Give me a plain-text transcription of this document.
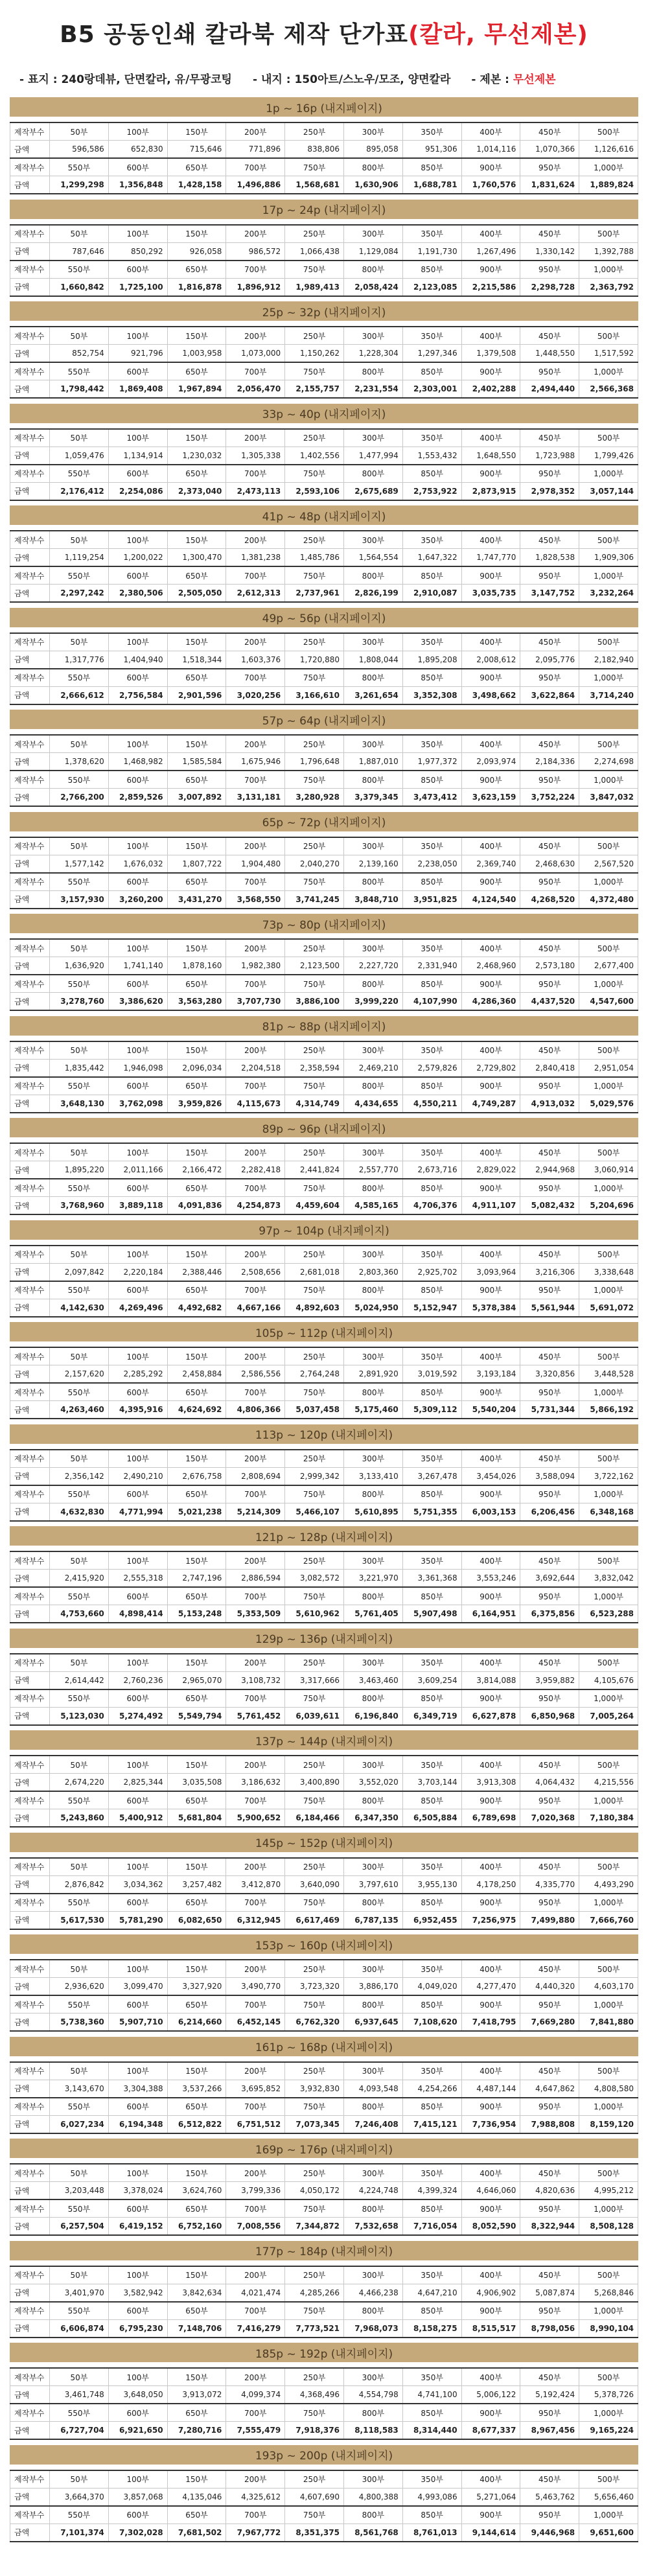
B5 공동인쇄 칼라북 제작 단가표 (칼라, 무선제본)
- 표지 : 240랑데뷰, 단면칼라, 유/무광코팅 - 내지 : 150아트/스노우/모조, 양면칼라 - 제본 : 무선제본
1p ~ 16p (내지페이지)
제작부수	50부	100부	150부	200부	250부	300부	350부	400부	450부	500부
금액	596,586	652,830	715,646	771,896	838,806	895,058	951,306	1,014,116	1,070,366	1,126,616
제작부수	550부	600부	650부	700부	750부	800부	850부	900부	950부	1,000부
금액	1,299,298	1,356,848	1,428,158	1,496,886	1,568,681	1,630,906	1,688,781	1,760,576	1,831,624	1,889,824
17p ~ 24p (내지페이지)
제작부수	50부	100부	150부	200부	250부	300부	350부	400부	450부	500부
금액	787,646	850,292	926,058	986,572	1,066,438	1,129,084	1,191,730	1,267,496	1,330,142	1,392,788
제작부수	550부	600부	650부	700부	750부	800부	850부	900부	950부	1,000부
금액	1,660,842	1,725,100	1,816,878	1,896,912	1,989,413	2,058,424	2,123,085	2,215,586	2,298,728	2,363,792
25p ~ 32p (내지페이지)
제작부수	50부	100부	150부	200부	250부	300부	350부	400부	450부	500부
금액	852,754	921,796	1,003,958	1,073,000	1,150,262	1,228,304	1,297,346	1,379,508	1,448,550	1,517,592
제작부수	550부	600부	650부	700부	750부	800부	850부	900부	950부	1,000부
금액	1,798,442	1,869,408	1,967,894	2,056,470	2,155,757	2,231,554	2,303,001	2,402,288	2,494,440	2,566,368
33p ~ 40p (내지페이지)
제작부수	50부	100부	150부	200부	250부	300부	350부	400부	450부	500부
금액	1,059,476	1,134,914	1,230,032	1,305,338	1,402,556	1,477,994	1,553,432	1,648,550	1,723,988	1,799,426
제작부수	550부	600부	650부	700부	750부	800부	850부	900부	950부	1,000부
금액	2,176,412	2,254,086	2,373,040	2,473,113	2,593,106	2,675,689	2,753,922	2,873,915	2,978,352	3,057,144
41p ~ 48p (내지페이지)
제작부수	50부	100부	150부	200부	250부	300부	350부	400부	450부	500부
금액	1,119,254	1,200,022	1,300,470	1,381,238	1,485,786	1,564,554	1,647,322	1,747,770	1,828,538	1,909,306
제작부수	550부	600부	650부	700부	750부	800부	850부	900부	950부	1,000부
금액	2,297,242	2,380,506	2,505,050	2,612,313	2,737,961	2,826,199	2,910,087	3,035,735	3,147,752	3,232,264
49p ~ 56p (내지페이지)
제작부수	50부	100부	150부	200부	250부	300부	350부	400부	450부	500부
금액	1,317,776	1,404,940	1,518,344	1,603,376	1,720,880	1,808,044	1,895,208	2,008,612	2,095,776	2,182,940
제작부수	550부	600부	650부	700부	750부	800부	850부	900부	950부	1,000부
금액	2,666,612	2,756,584	2,901,596	3,020,256	3,166,610	3,261,654	3,352,308	3,498,662	3,622,864	3,714,240
57p ~ 64p (내지페이지)
제작부수	50부	100부	150부	200부	250부	300부	350부	400부	450부	500부
금액	1,378,620	1,468,982	1,585,584	1,675,946	1,796,648	1,887,010	1,977,372	2,093,974	2,184,336	2,274,698
제작부수	550부	600부	650부	700부	750부	800부	850부	900부	950부	1,000부
금액	2,766,200	2,859,526	3,007,892	3,131,181	3,280,928	3,379,345	3,473,412	3,623,159	3,752,224	3,847,032
65p ~ 72p (내지페이지)
제작부수	50부	100부	150부	200부	250부	300부	350부	400부	450부	500부
금액	1,577,142	1,676,032	1,807,722	1,904,480	2,040,270	2,139,160	2,238,050	2,369,740	2,468,630	2,567,520
제작부수	550부	600부	650부	700부	750부	800부	850부	900부	950부	1,000부
금액	3,157,930	3,260,200	3,431,270	3,568,550	3,741,245	3,848,710	3,951,825	4,124,540	4,268,520	4,372,480
73p ~ 80p (내지페이지)
제작부수	50부	100부	150부	200부	250부	300부	350부	400부	450부	500부
금액	1,636,920	1,741,140	1,878,160	1,982,380	2,123,500	2,227,720	2,331,940	2,468,960	2,573,180	2,677,400
제작부수	550부	600부	650부	700부	750부	800부	850부	900부	950부	1,000부
금액	3,278,760	3,386,620	3,563,280	3,707,730	3,886,100	3,999,220	4,107,990	4,286,360	4,437,520	4,547,600
81p ~ 88p (내지페이지)
제작부수	50부	100부	150부	200부	250부	300부	350부	400부	450부	500부
금액	1,835,442	1,946,098	2,096,034	2,204,518	2,358,594	2,469,210	2,579,826	2,729,802	2,840,418	2,951,054
제작부수	550부	600부	650부	700부	750부	800부	850부	900부	950부	1,000부
금액	3,648,130	3,762,098	3,959,826	4,115,673	4,314,749	4,434,655	4,550,211	4,749,287	4,913,032	5,029,576
89p ~ 96p (내지페이지)
제작부수	50부	100부	150부	200부	250부	300부	350부	400부	450부	500부
금액	1,895,220	2,011,166	2,166,472	2,282,418	2,441,824	2,557,770	2,673,716	2,829,022	2,944,968	3,060,914
제작부수	550부	600부	650부	700부	750부	800부	850부	900부	950부	1,000부
금액	3,768,960	3,889,118	4,091,836	4,254,873	4,459,604	4,585,165	4,706,376	4,911,107	5,082,432	5,204,696
97p ~ 104p (내지페이지)
제작부수	50부	100부	150부	200부	250부	300부	350부	400부	450부	500부
금액	2,097,842	2,220,184	2,388,446	2,508,656	2,681,018	2,803,360	2,925,702	3,093,964	3,216,306	3,338,648
제작부수	550부	600부	650부	700부	750부	800부	850부	900부	950부	1,000부
금액	4,142,630	4,269,496	4,492,682	4,667,166	4,892,603	5,024,950	5,152,947	5,378,384	5,561,944	5,691,072
105p ~ 112p (내지페이지)
제작부수	50부	100부	150부	200부	250부	300부	350부	400부	450부	500부
금액	2,157,620	2,285,292	2,458,884	2,586,556	2,764,248	2,891,920	3,019,592	3,193,184	3,320,856	3,448,528
제작부수	550부	600부	650부	700부	750부	800부	850부	900부	950부	1,000부
금액	4,263,460	4,395,916	4,624,692	4,806,366	5,037,458	5,175,460	5,309,112	5,540,204	5,731,344	5,866,192
113p ~ 120p (내지페이지)
제작부수	50부	100부	150부	200부	250부	300부	350부	400부	450부	500부
금액	2,356,142	2,490,210	2,676,758	2,808,694	2,999,342	3,133,410	3,267,478	3,454,026	3,588,094	3,722,162
제작부수	550부	600부	650부	700부	750부	800부	850부	900부	950부	1,000부
금액	4,632,830	4,771,994	5,021,238	5,214,309	5,466,107	5,610,895	5,751,355	6,003,153	6,206,456	6,348,168
121p ~ 128p (내지페이지)
제작부수	50부	100부	150부	200부	250부	300부	350부	400부	450부	500부
금액	2,415,920	2,555,318	2,747,196	2,886,594	3,082,572	3,221,970	3,361,368	3,553,246	3,692,644	3,832,042
제작부수	550부	600부	650부	700부	750부	800부	850부	900부	950부	1,000부
금액	4,753,660	4,898,414	5,153,248	5,353,509	5,610,962	5,761,405	5,907,498	6,164,951	6,375,856	6,523,288
129p ~ 136p (내지페이지)
제작부수	50부	100부	150부	200부	250부	300부	350부	400부	450부	500부
금액	2,614,442	2,760,236	2,965,070	3,108,732	3,317,666	3,463,460	3,609,254	3,814,088	3,959,882	4,105,676
제작부수	550부	600부	650부	700부	750부	800부	850부	900부	950부	1,000부
금액	5,123,030	5,274,492	5,549,794	5,761,452	6,039,611	6,196,840	6,349,719	6,627,878	6,850,968	7,005,264
137p ~ 144p (내지페이지)
제작부수	50부	100부	150부	200부	250부	300부	350부	400부	450부	500부
금액	2,674,220	2,825,344	3,035,508	3,186,632	3,400,890	3,552,020	3,703,144	3,913,308	4,064,432	4,215,556
제작부수	550부	600부	650부	700부	750부	800부	850부	900부	950부	1,000부
금액	5,243,860	5,400,912	5,681,804	5,900,652	6,184,466	6,347,350	6,505,884	6,789,698	7,020,368	7,180,384
145p ~ 152p (내지페이지)
제작부수	50부	100부	150부	200부	250부	300부	350부	400부	450부	500부
금액	2,876,842	3,034,362	3,257,482	3,412,870	3,640,090	3,797,610	3,955,130	4,178,250	4,335,770	4,493,290
제작부수	550부	600부	650부	700부	750부	800부	850부	900부	950부	1,000부
금액	5,617,530	5,781,290	6,082,650	6,312,945	6,617,469	6,787,135	6,952,455	7,256,975	7,499,880	7,666,760
153p ~ 160p (내지페이지)
제작부수	50부	100부	150부	200부	250부	300부	350부	400부	450부	500부
금액	2,936,620	3,099,470	3,327,920	3,490,770	3,723,320	3,886,170	4,049,020	4,277,470	4,440,320	4,603,170
제작부수	550부	600부	650부	700부	750부	800부	850부	900부	950부	1,000부
금액	5,738,360	5,907,710	6,214,660	6,452,145	6,762,320	6,937,645	7,108,620	7,418,795	7,669,280	7,841,880
161p ~ 168p (내지페이지)
제작부수	50부	100부	150부	200부	250부	300부	350부	400부	450부	500부
금액	3,143,670	3,304,388	3,537,266	3,695,852	3,932,830	4,093,548	4,254,266	4,487,144	4,647,862	4,808,580
제작부수	550부	600부	650부	700부	750부	800부	850부	900부	950부	1,000부
금액	6,027,234	6,194,348	6,512,822	6,751,512	7,073,345	7,246,408	7,415,121	7,736,954	7,988,808	8,159,120
169p ~ 176p (내지페이지)
제작부수	50부	100부	150부	200부	250부	300부	350부	400부	450부	500부
금액	3,203,448	3,378,024	3,624,760	3,799,336	4,050,172	4,224,748	4,399,324	4,646,060	4,820,636	4,995,212
제작부수	550부	600부	650부	700부	750부	800부	850부	900부	950부	1,000부
금액	6,257,504	6,419,152	6,752,160	7,008,556	7,344,872	7,532,658	7,716,054	8,052,590	8,322,944	8,508,128
177p ~ 184p (내지페이지)
제작부수	50부	100부	150부	200부	250부	300부	350부	400부	450부	500부
금액	3,401,970	3,582,942	3,842,634	4,021,474	4,285,266	4,466,238	4,647,210	4,906,902	5,087,874	5,268,846
제작부수	550부	600부	650부	700부	750부	800부	850부	900부	950부	1,000부
금액	6,606,874	6,795,230	7,148,706	7,416,279	7,773,521	7,968,073	8,158,275	8,515,517	8,798,056	8,990,104
185p ~ 192p (내지페이지)
제작부수	50부	100부	150부	200부	250부	300부	350부	400부	450부	500부
금액	3,461,748	3,648,050	3,913,072	4,099,374	4,368,496	4,554,798	4,741,100	5,006,122	5,192,424	5,378,726
제작부수	550부	600부	650부	700부	750부	800부	850부	900부	950부	1,000부
금액	6,727,704	6,921,650	7,280,716	7,555,479	7,918,376	8,118,583	8,314,440	8,677,337	8,967,456	9,165,224
193p ~ 200p (내지페이지)
제작부수	50부	100부	150부	200부	250부	300부	350부	400부	450부	500부
금액	3,664,370	3,857,068	4,135,046	4,325,612	4,607,690	4,800,388	4,993,086	5,271,064	5,463,762	5,656,460
제작부수	550부	600부	650부	700부	750부	800부	850부	900부	950부	1,000부
금액	7,101,374	7,302,028	7,681,502	7,967,772	8,351,375	8,561,768	8,761,013	9,144,614	9,446,968	9,651,600
